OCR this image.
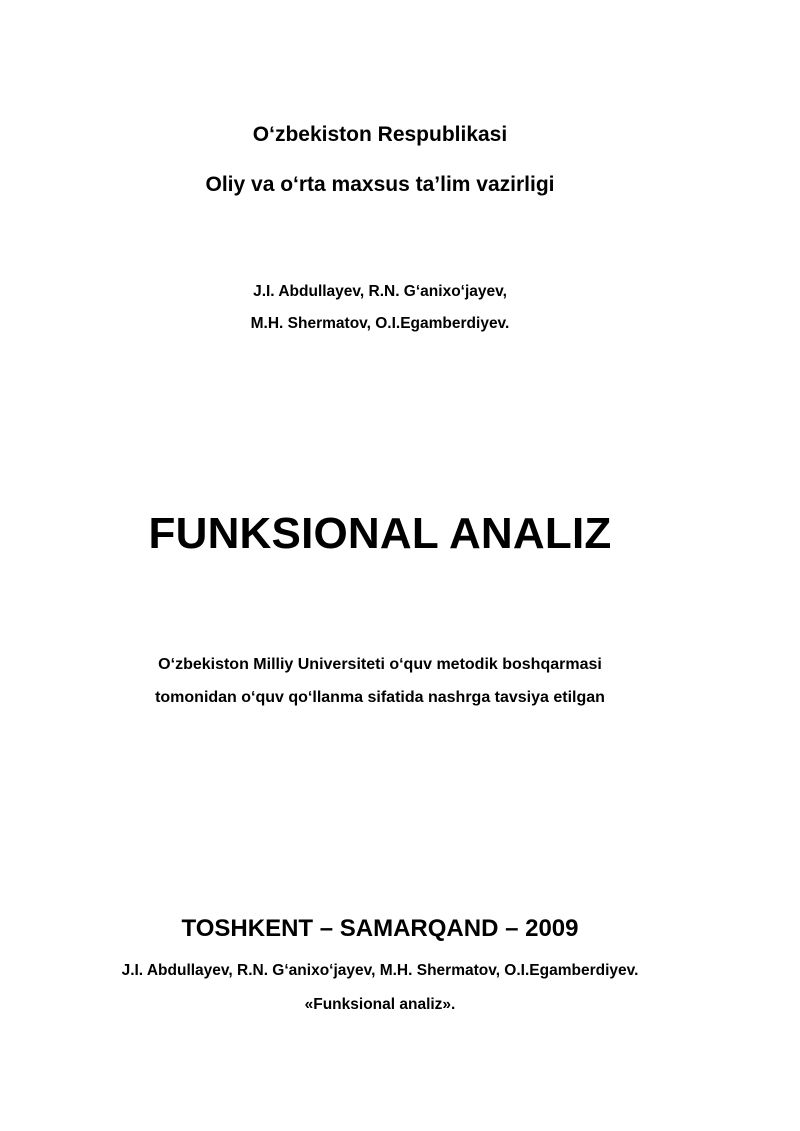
O‘zbekiston Respublikasi
Oliy va o‘rta maxsus ta’lim vazirligi
J.I. Abdullayev, R.N. G‘anixo‘jayev,
M.H. Shermatov, O.I.Egamberdiyev.
FUNKSIONAL ANALIZ
O‘zbekiston Milliy Universiteti o‘quv metodik boshqarmasi
tomonidan o‘quv qo‘llanma sifatida nashrga tavsiya etilgan
TOSHKENT – SAMARQAND – 2009
J.I. Abdullayev, R.N. G‘anixo‘jayev, M.H. Shermatov, O.I.Egamberdiyev.
«Funksional analiz».
